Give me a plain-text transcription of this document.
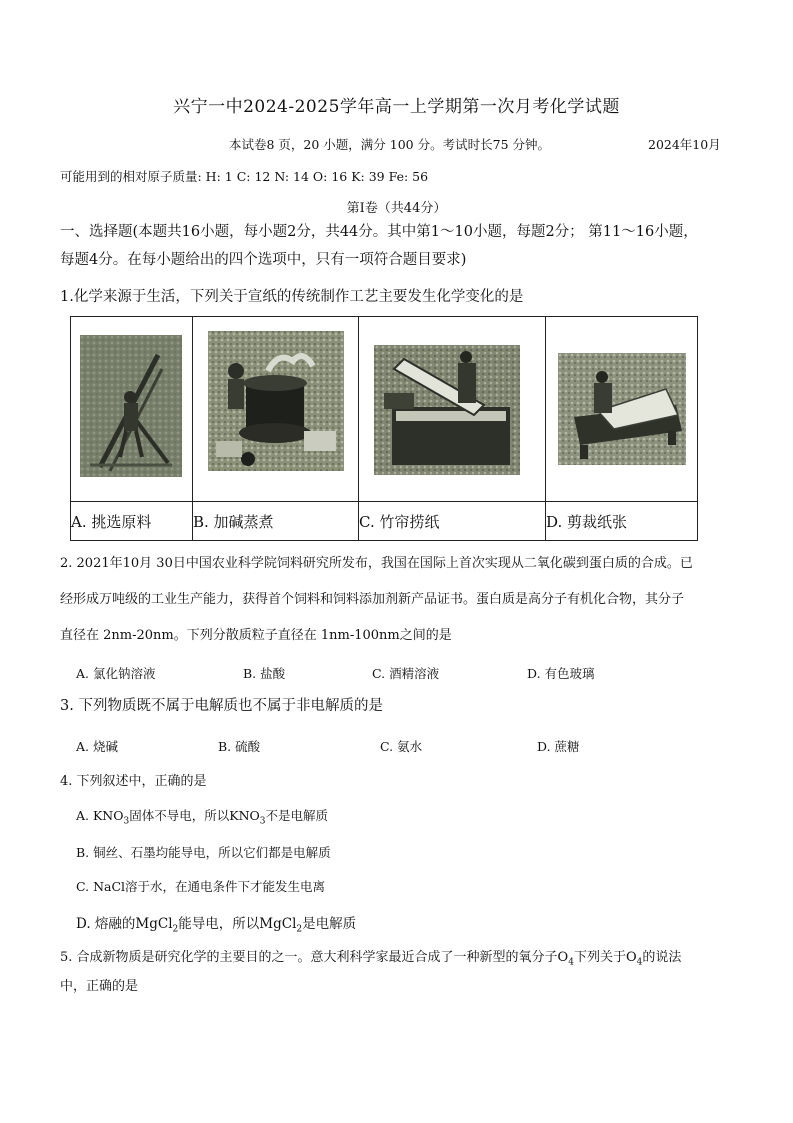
兴宁一中2024-2025学年高一上学期第一次月考化学试题
本试卷8 页，20 小题，满分 100 分。考试时长75 分钟。	2024年10月
可能用到的相对原子质量: H: 1 C: 12 N: 14 O: 16 K: 39 Fe: 56
第Ⅰ卷（共44分）
一、选择题(本题共16小题，每小题2分，共44分。其中第1～10小题，每题2分； 第11～16小题，
每题4分。在每小题给出的四个选项中，只有一项符合题目要求)
1.化学来源于生活，下列关于宣纸的传统制作工艺主要发生化学变化的是

A. 挑选原料	B. 加碱蒸煮	C. 竹帘捞纸	D. 剪裁纸张
2. 2021年10月 30日中国农业科学院饲料研究所发布，我国在国际上首次实现从二氧化碳到蛋白质的合成。已
经形成万吨级的工业生产能力，获得首个饲料和饲料添加剂新产品证书。蛋白质是高分子有机化合物，其分子
直径在 2nm-20nm。下列分散质粒子直径在 1nm-100nm之间的是
A. 氯化钠溶液	B. 盐酸	C. 酒精溶液	D. 有色玻璃
3. 下列物质既不属于电解质也不属于非电解质的是
A. 烧碱	B. 硫酸	C. 氨水	D. 蔗糖
4. 下列叙述中，正确的是
A. $KNO_3$固体不导电，所以$KNO_3$不是电解质
B. 铜丝、石墨均能导电，所以它们都是电解质
C. NaCl溶于水，在通电条件下才能发生电离
D. 熔融的MgCl$_2$能导电，所以MgCl$_2$是电解质
5. 合成新物质是研究化学的主要目的之一。意大利科学家最近合成了一种新型的氧分子$O_4$下列关于$O_4$的说法
中，正确的是
